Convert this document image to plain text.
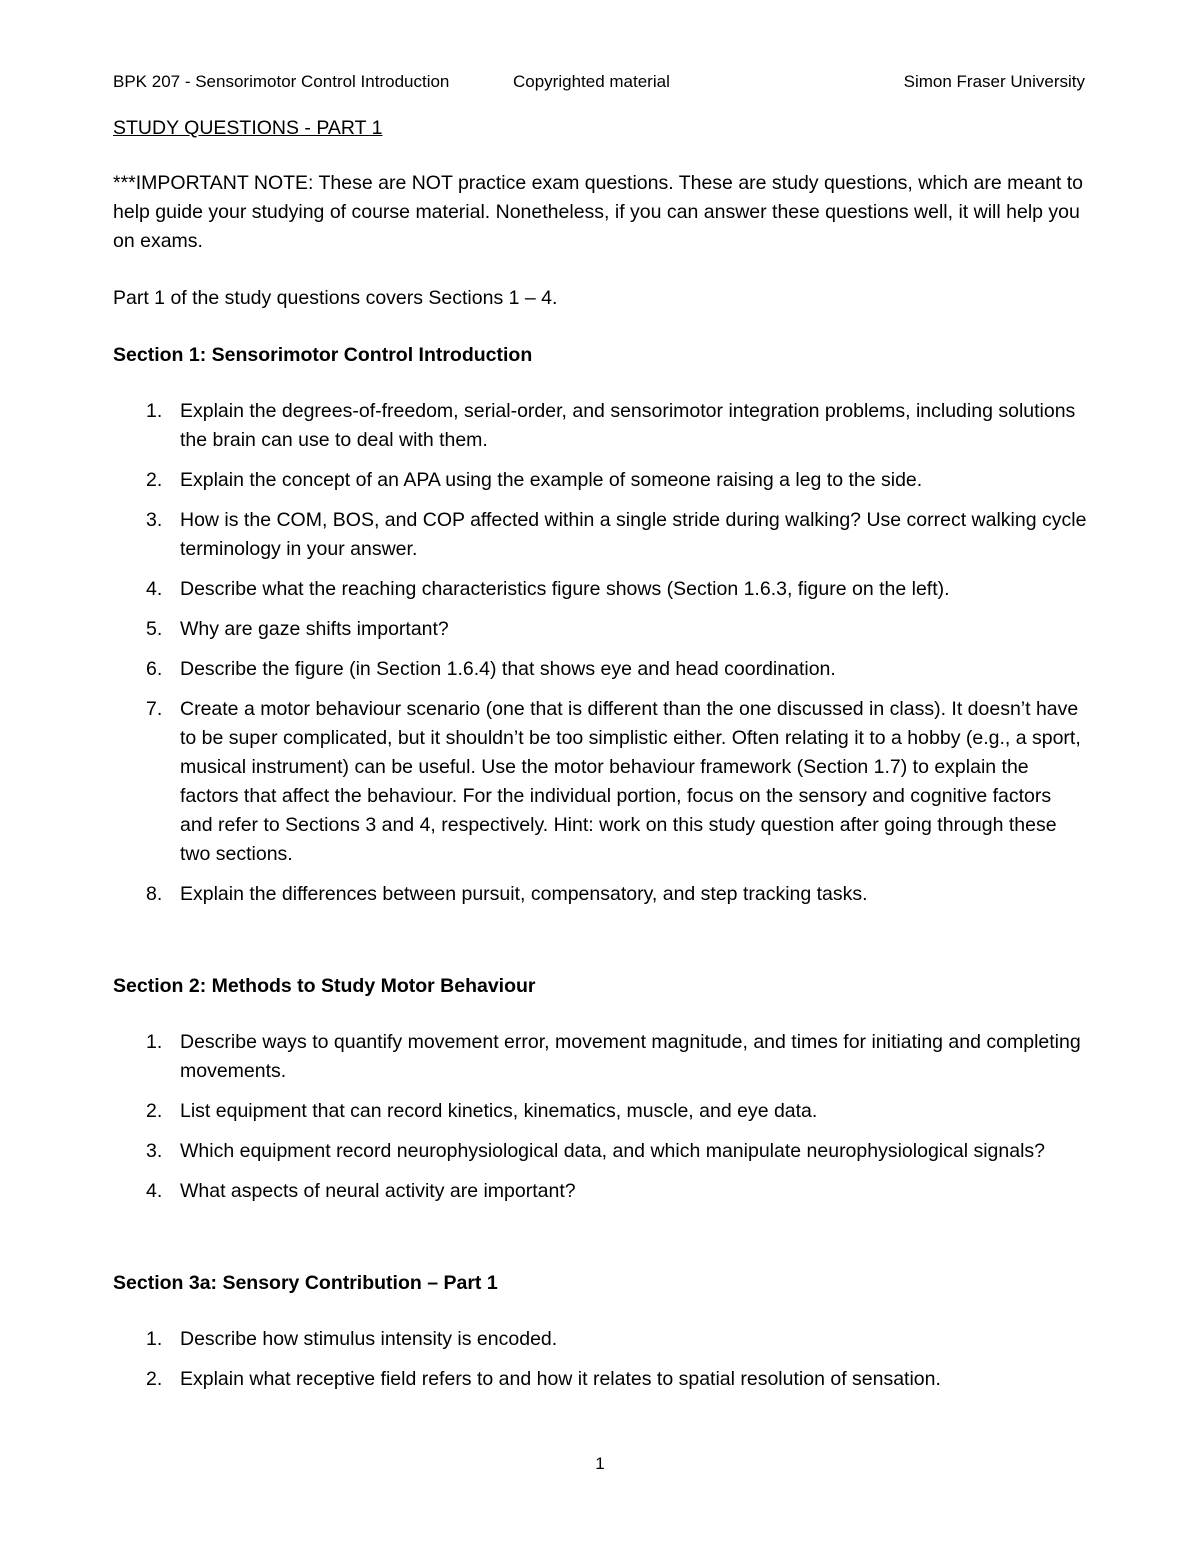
BPK 207 - Sensorimotor Control Introduction	Copyrighted material	Simon Fraser University
STUDY QUESTIONS - PART 1
***IMPORTANT NOTE: These are NOT practice exam questions. These are study questions, which are meant to help guide your studying of course material. Nonetheless, if you can answer these questions well, it will help you on exams.
Part 1 of the study questions covers Sections 1 – 4.
Section 1: Sensorimotor Control Introduction
1. Explain the degrees-of-freedom, serial-order, and sensorimotor integration problems, including solutions the brain can use to deal with them.
2. Explain the concept of an APA using the example of someone raising a leg to the side.
3. How is the COM, BOS, and COP affected within a single stride during walking? Use correct walking cycle terminology in your answer.
4. Describe what the reaching characteristics figure shows (Section 1.6.3, figure on the left).
5. Why are gaze shifts important?
6. Describe the figure (in Section 1.6.4) that shows eye and head coordination.
7. Create a motor behaviour scenario (one that is different than the one discussed in class). It doesn’t have to be super complicated, but it shouldn’t be too simplistic either. Often relating it to a hobby (e.g., a sport, musical instrument) can be useful. Use the motor behaviour framework (Section 1.7) to explain the factors that affect the behaviour. For the individual portion, focus on the sensory and cognitive factors and refer to Sections 3 and 4, respectively. Hint: work on this study question after going through these two sections.
8. Explain the differences between pursuit, compensatory, and step tracking tasks.
Section 2: Methods to Study Motor Behaviour
1. Describe ways to quantify movement error, movement magnitude, and times for initiating and completing movements.
2. List equipment that can record kinetics, kinematics, muscle, and eye data.
3. Which equipment record neurophysiological data, and which manipulate neurophysiological signals?
4. What aspects of neural activity are important?
Section 3a: Sensory Contribution – Part 1
1. Describe how stimulus intensity is encoded.
2. Explain what receptive field refers to and how it relates to spatial resolution of sensation.
1
